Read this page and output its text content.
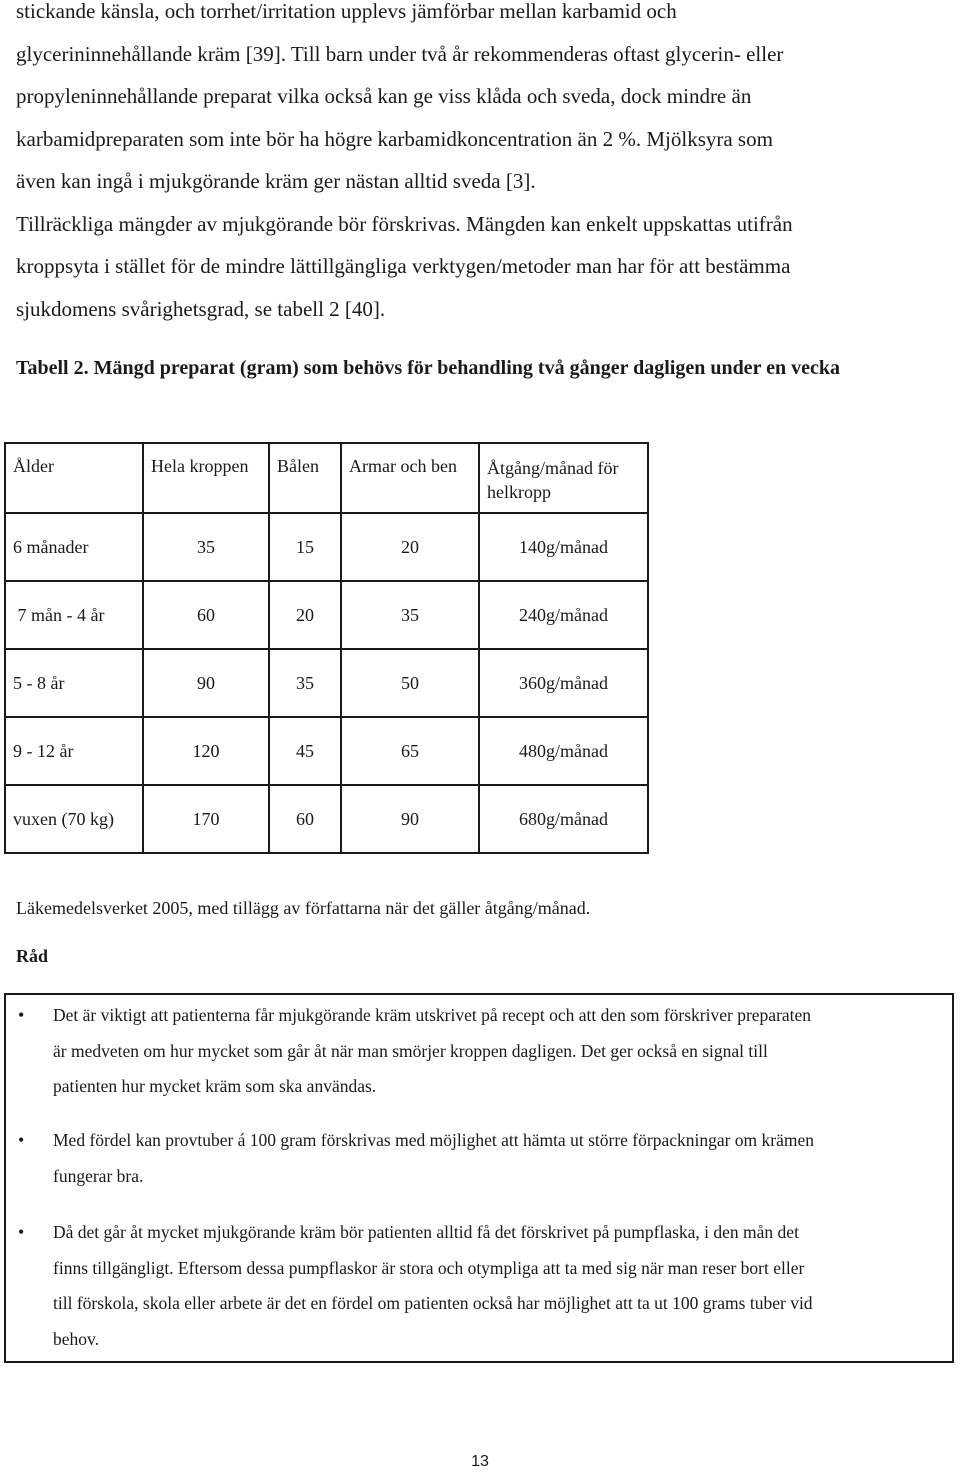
stickande känsla, och torrhet/irritation upplevs jämförbar mellan karbamid och
glycerininnehållande kräm [39]. Till barn under två år rekommenderas oftast glycerin- eller
propyleninnehållande preparat vilka också kan ge viss klåda och sveda, dock mindre än
karbamidpreparaten som inte bör ha högre karbamidkoncentration än 2 %. Mjölksyra som
även kan ingå i mjukgörande kräm ger nästan alltid sveda [3].
Tillräckliga mängder av mjukgörande bör förskrivas. Mängden kan enkelt uppskattas utifrån
kroppsyta i stället för de mindre lättillgängliga verktygen/metoder man har för att bestämma
sjukdomens svårighetsgrad, se tabell 2 [40].

Tabell 2. Mängd preparat (gram) som behövs för behandling två gånger dagligen under en vecka

Ålder	Hela kroppen	Bålen	Armar och ben	Åtgång/månad för helkropp
6 månader	35	15	20	140g/månad
7 mån - 4 år	60	20	35	240g/månad
5 - 8 år	90	35	50	360g/månad
9 - 12 år	120	45	65	480g/månad
vuxen (70 kg)	170	60	90	680g/månad

Läkemedelsverket 2005, med tillägg av författarna när det gäller åtgång/månad.

Råd

• Det är viktigt att patienterna får mjukgörande kräm utskrivet på recept och att den som förskriver preparaten
är medveten om hur mycket som går åt när man smörjer kroppen dagligen. Det ger också en signal till
patienten hur mycket kräm som ska användas.
• Med fördel kan provtuber á 100 gram förskrivas med möjlighet att hämta ut större förpackningar om krämen
fungerar bra.
• Då det går åt mycket mjukgörande kräm bör patienten alltid få det förskrivet på pumpflaska, i den mån det
finns tillgängligt. Eftersom dessa pumpflaskor är stora och otympliga att ta med sig när man reser bort eller
till förskola, skola eller arbete är det en fördel om patienten också har möjlighet att ta ut 100 grams tuber vid
behov.
13
